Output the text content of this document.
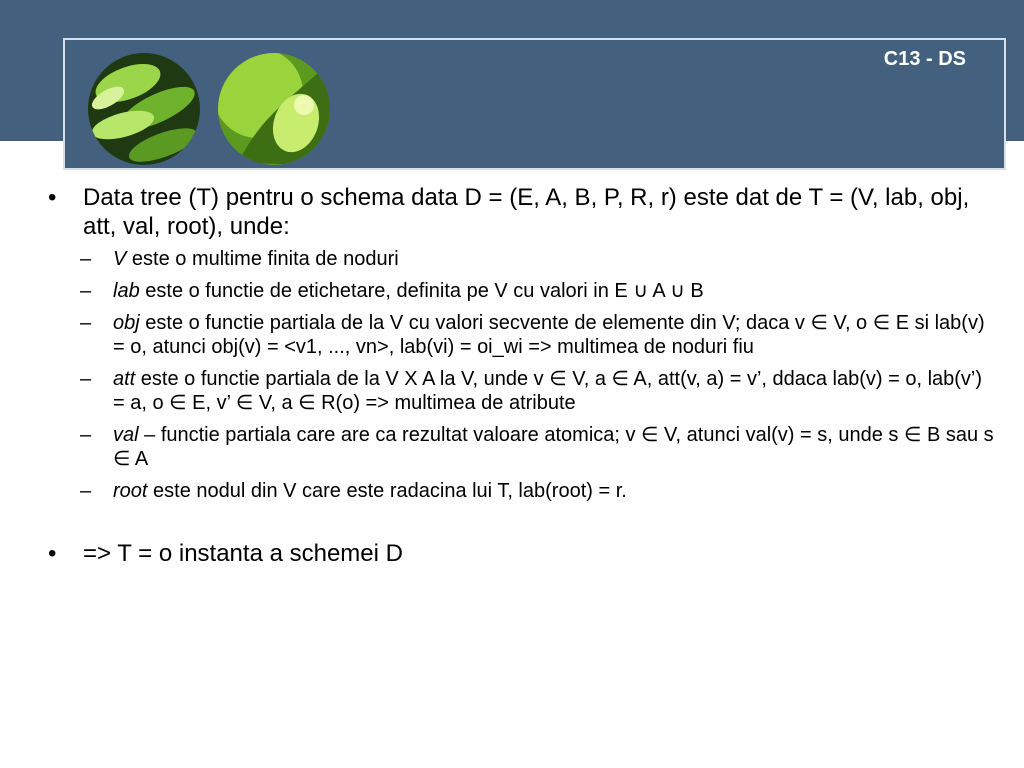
C13 - DS
• Data tree (T) pentru o schema data D = (E, A, B, P, R, r) este dat de T = (V, lab, obj, att, val, root), unde:
– V este o multime finita de noduri
– lab este o functie de etichetare, definita pe V cu valori in E ∪ A ∪ B
– obj este o functie partiala de la V cu valori secvente de elemente din V; daca v ∈ V, o ∈ E si lab(v) = o, atunci obj(v) = <v1, ..., vn>, lab(vi) = oi_wi => multimea de noduri fiu
– att este o functie partiala de la V X A la V, unde v ∈ V, a ∈ A, att(v, a) = v’, ddaca lab(v) = o, lab(v’) = a, o ∈ E, v’ ∈ V, a ∈ R(o) => multimea de atribute
– val – functie partiala care are ca rezultat valoare atomica; v ∈ V, atunci val(v) = s, unde s ∈ B sau s ∈ A
– root este nodul din V care este radacina lui T, lab(root) = r.
• => T = o instanta a schemei D
